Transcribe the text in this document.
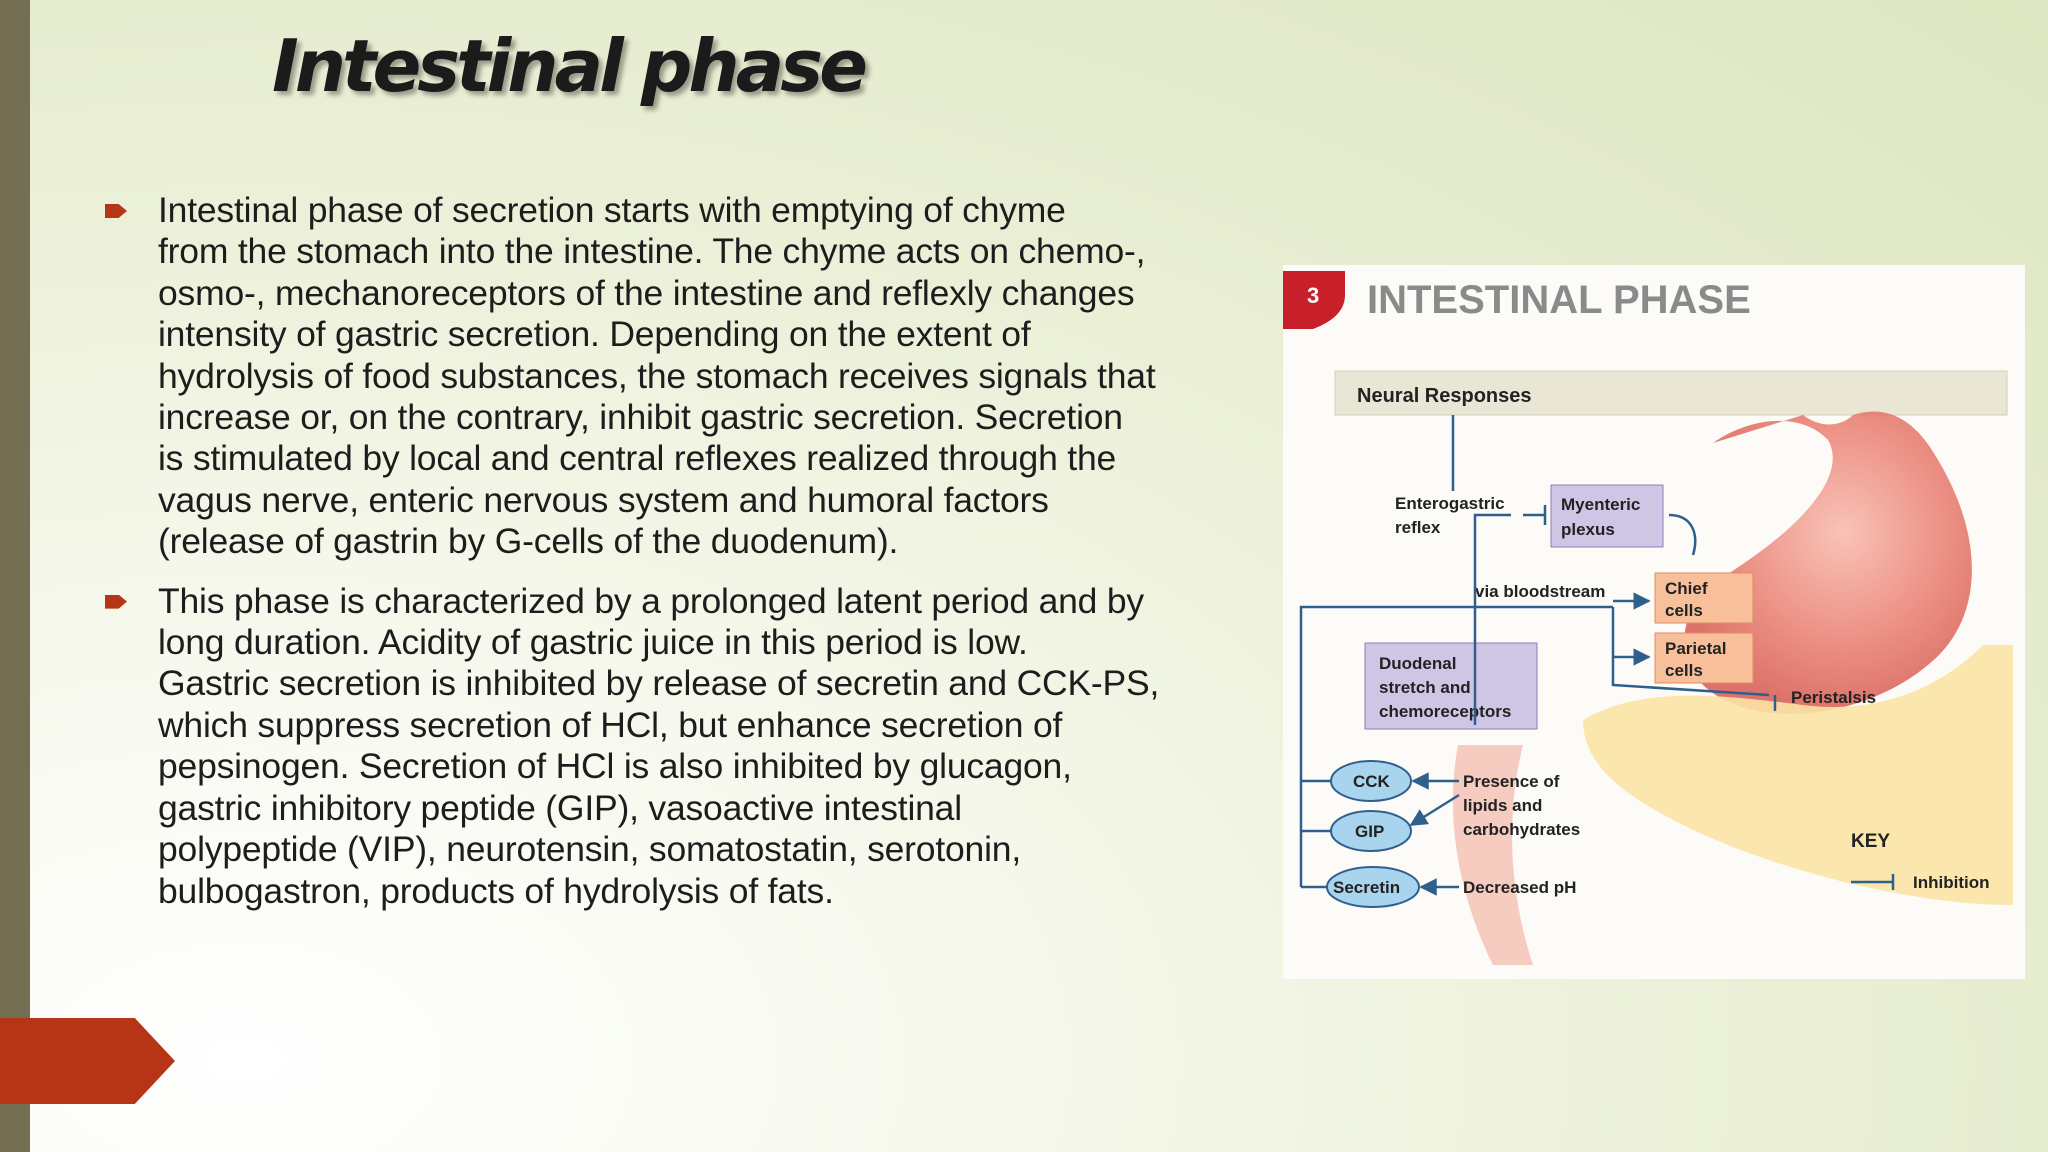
Intestinal phase
Intestinal phase of secretion starts with emptying of chyme
from the stomach into the intestine. The chyme acts on chemo-,
osmo-, mechanoreceptors of the intestine and reflexly changes
intensity of gastric secretion. Depending on the extent of
hydrolysis of food substances, the stomach receives signals that
increase or, on the contrary, inhibit gastric secretion. Secretion
is stimulated by local and central reflexes realized through the
vagus nerve, enteric nervous system and humoral factors
(release of gastrin by G-cells of the duodenum).
This phase is characterized by a prolonged latent period and by
long duration. Acidity of gastric juice in this period is low.
Gastric secretion is inhibited by release of secretin and CCK-PS,
which suppress secretion of HCl, but enhance secretion of
pepsinogen. Secretion of HCl is also inhibited by glucagon,
gastric inhibitory peptide (GIP), vasoactive intestinal
polypeptide (VIP), neurotensin, somatostatin, serotonin,
bulbogastron, products of hydrolysis of fats.
3 INTESTINAL PHASE
Neural Responses
Enterogastric
reflex
Myenteric
plexus
Chief
cells
Parietal
cells
via bloodstream
Duodenal
stretch and
chemoreceptors
Peristalsis
CCK
GIP
Secretin
Presence of
lipids and
carbohydrates
Decreased pH
KEY
Inhibition
